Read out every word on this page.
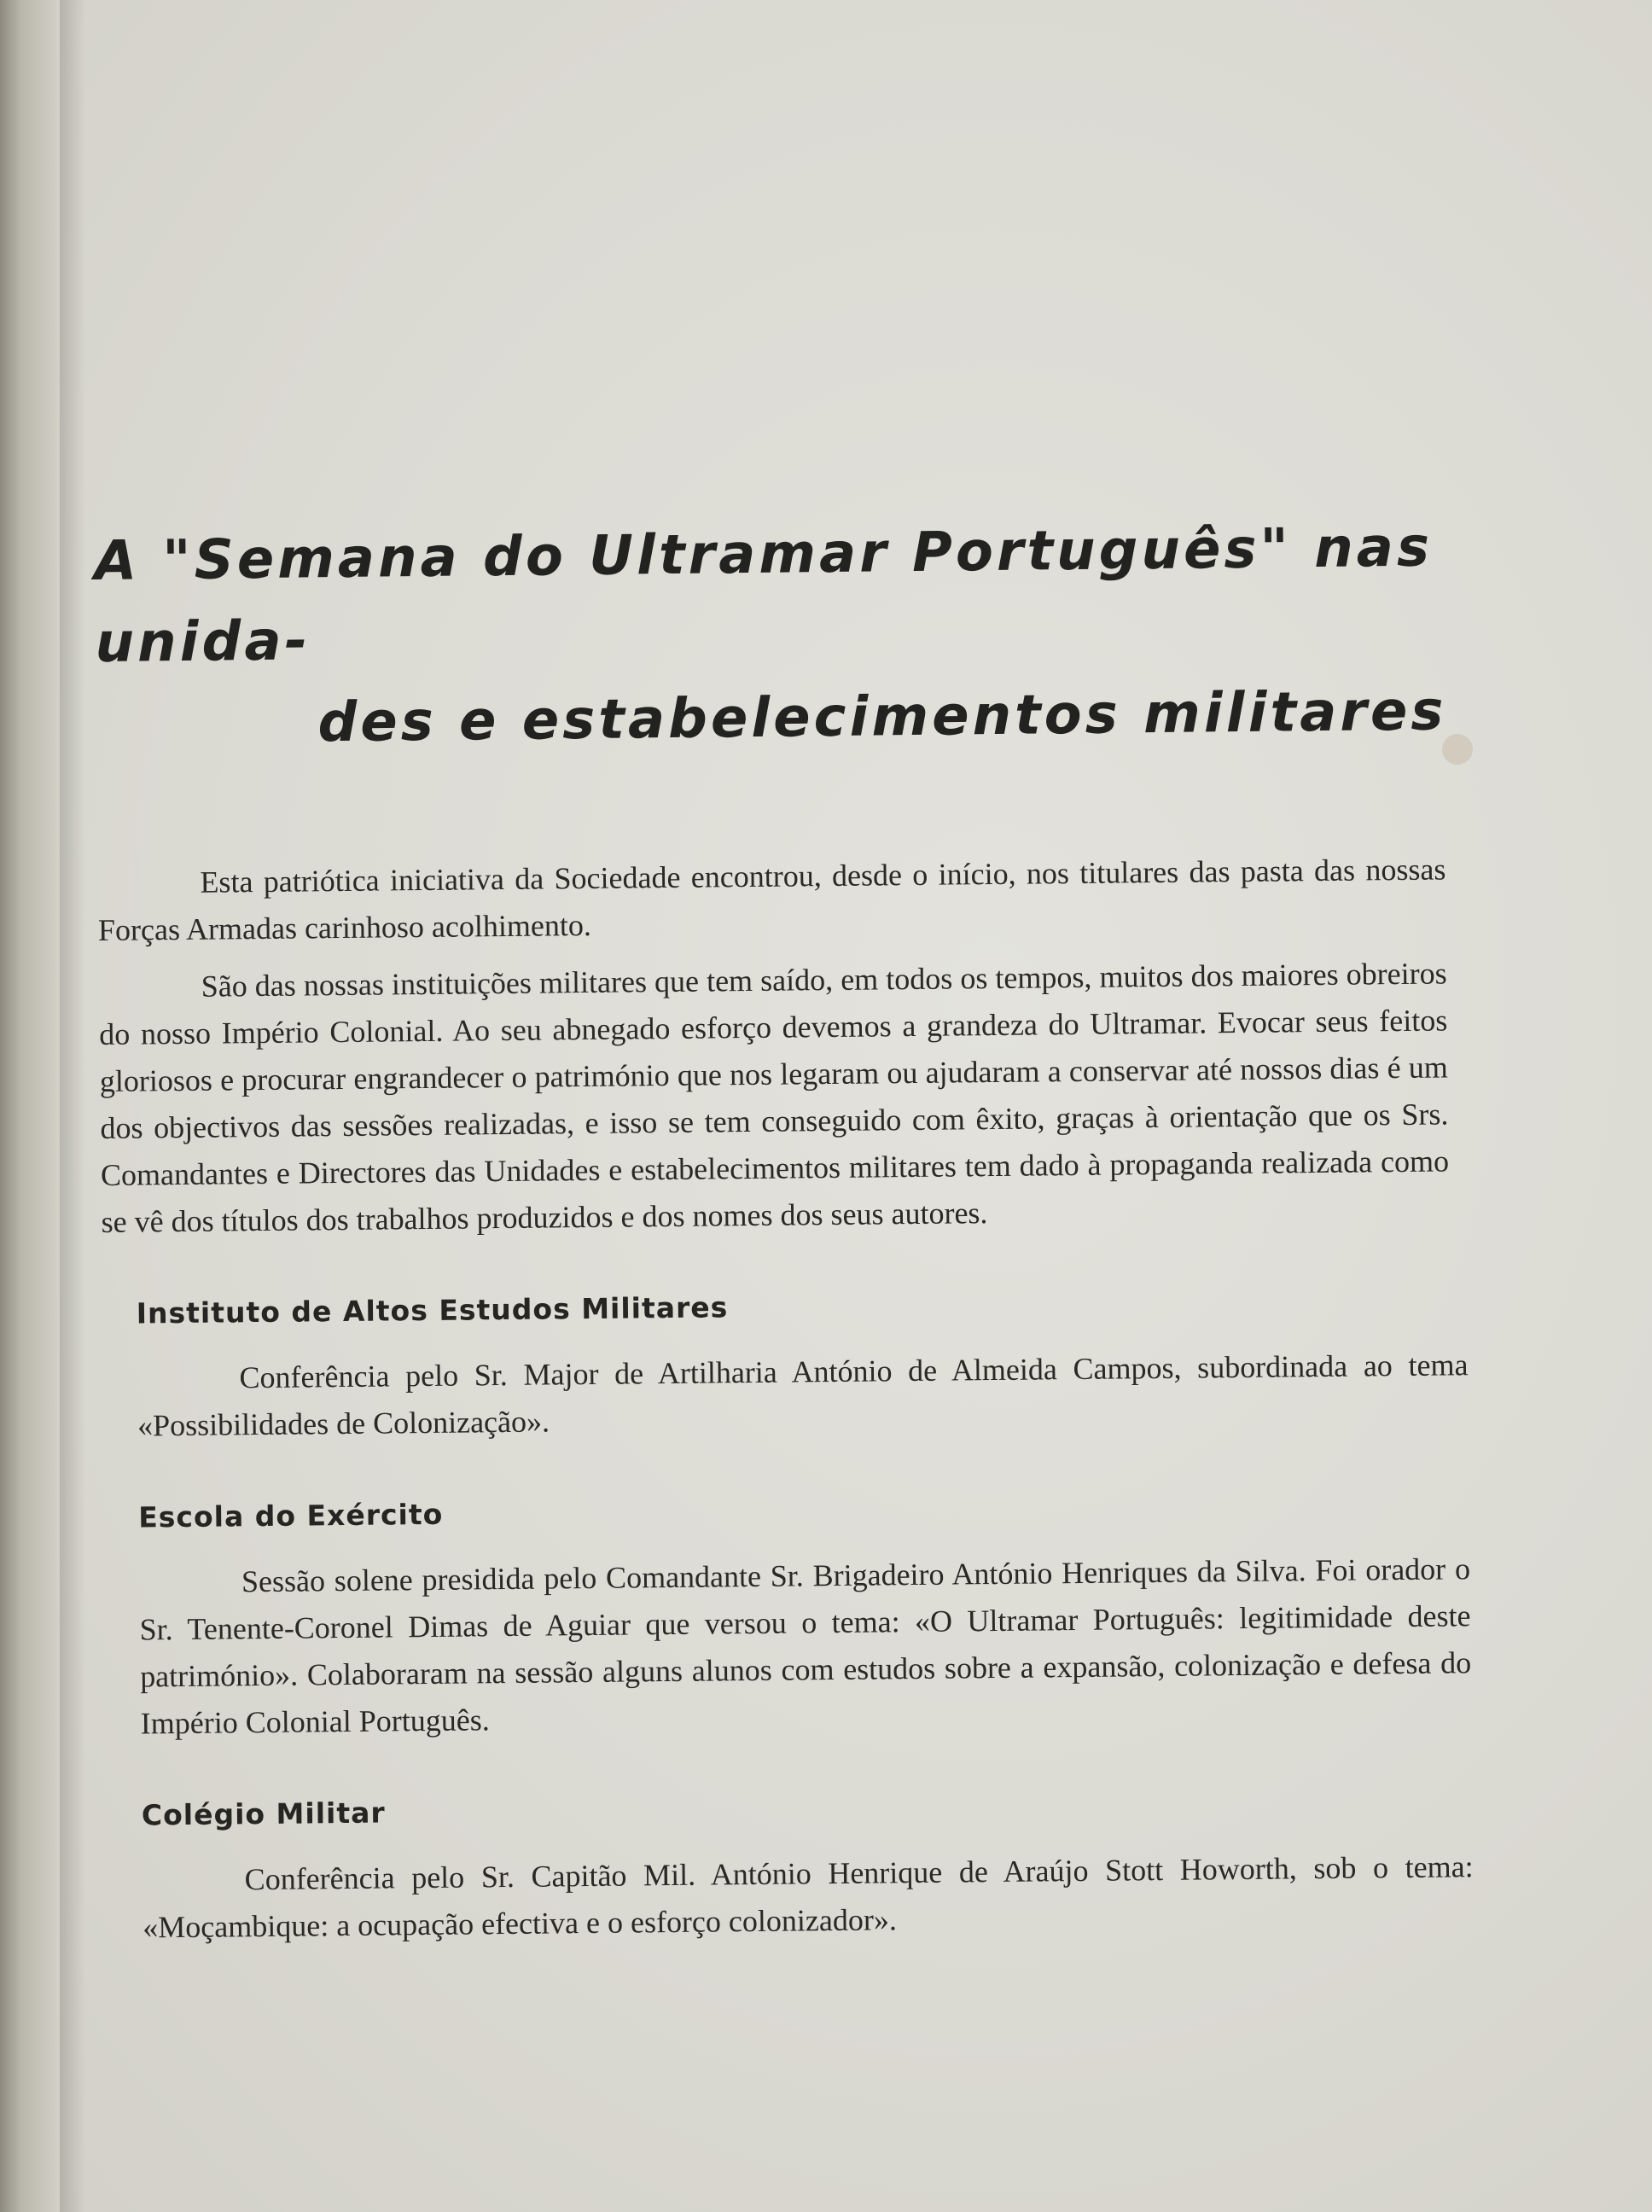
A "Semana do Ultramar Português" nas unida-
des e estabelecimentos militares

Esta patriótica iniciativa da Sociedade encontrou, desde o início, nos titulares das pasta das nossas Forças Armadas carinhoso acolhimento.

São das nossas instituições militares que tem saído, em todos os tempos, muitos dos maiores obreiros do nosso Império Colonial. Ao seu abnegado esforço devemos a grandeza do Ultramar. Evocar seus feitos gloriosos e procurar engrandecer o património que nos legaram ou ajudaram a conservar até nossos dias é um dos objectivos das sessões realizadas, e isso se tem conseguido com êxito, graças à orientação que os Srs. Comandantes e Directores das Unidades e estabelecimentos militares tem dado à propaganda realizada como se vê dos títulos dos trabalhos produzidos e dos nomes dos seus autores.

Instituto de Altos Estudos Militares

Conferência pelo Sr. Major de Artilharia António de Almeida Campos, subordinada ao tema «Possibilidades de Colonização».

Escola do Exército

Sessão solene presidida pelo Comandante Sr. Brigadeiro António Henriques da Silva. Foi orador o Sr. Tenente-Coronel Dimas de Aguiar que versou o tema: «O Ultramar Português: legitimidade deste património». Colaboraram na sessão alguns alunos com estudos sobre a expansão, colonização e defesa do Império Colonial Português.

Colégio Militar

Conferência pelo Sr. Capitão Mil. António Henrique de Araújo Stott Howorth, sob o tema: «Moçambique: a ocupação efectiva e o esforço colonizador».
